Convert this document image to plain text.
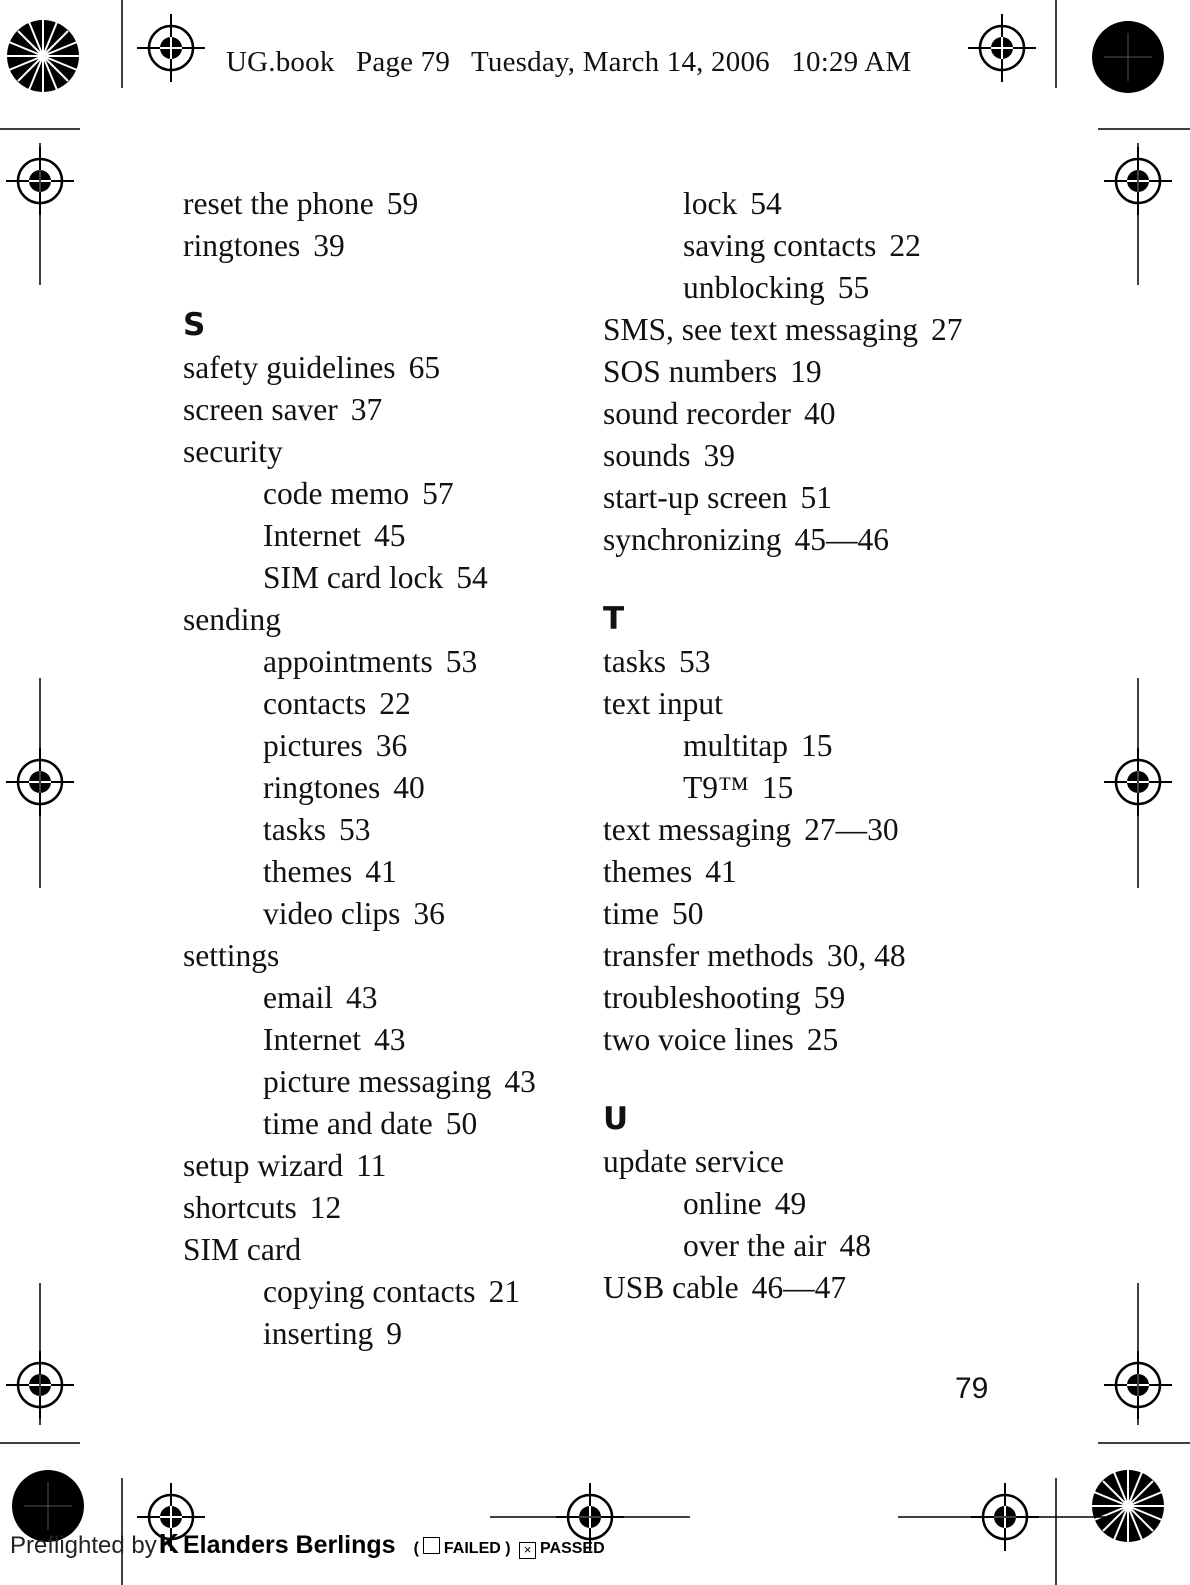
UG.book Page 79 Tuesday, March 14, 2006 10:29 AM
reset the phone 59
ringtones 39
S
safety guidelines 65
screen saver 37
security
code memo 57
Internet 45
SIM card lock 54
sending
appointments 53
contacts 22
pictures 36
ringtones 40
tasks 53
themes 41
video clips 36
settings
email 43
Internet 43
picture messaging 43
time and date 50
setup wizard 11
shortcuts 12
SIM card
copying contacts 21
inserting 9
lock 54
saving contacts 22
unblocking 55
SMS, see text messaging 27
SOS numbers 19
sound recorder 40
sounds 39
start-up screen 51
synchronizing 45—46
T
tasks 53
text input
multitap 15
T9™ 15
text messaging 27—30
themes 41
time 50
transfer methods 30, 48
troubleshooting 59
two voice lines 25
U
update service
online 49
over the air 48
USB cable 46—47
79
Preflighted byK Elanders Berlings ( FAILED ) × PASSED
